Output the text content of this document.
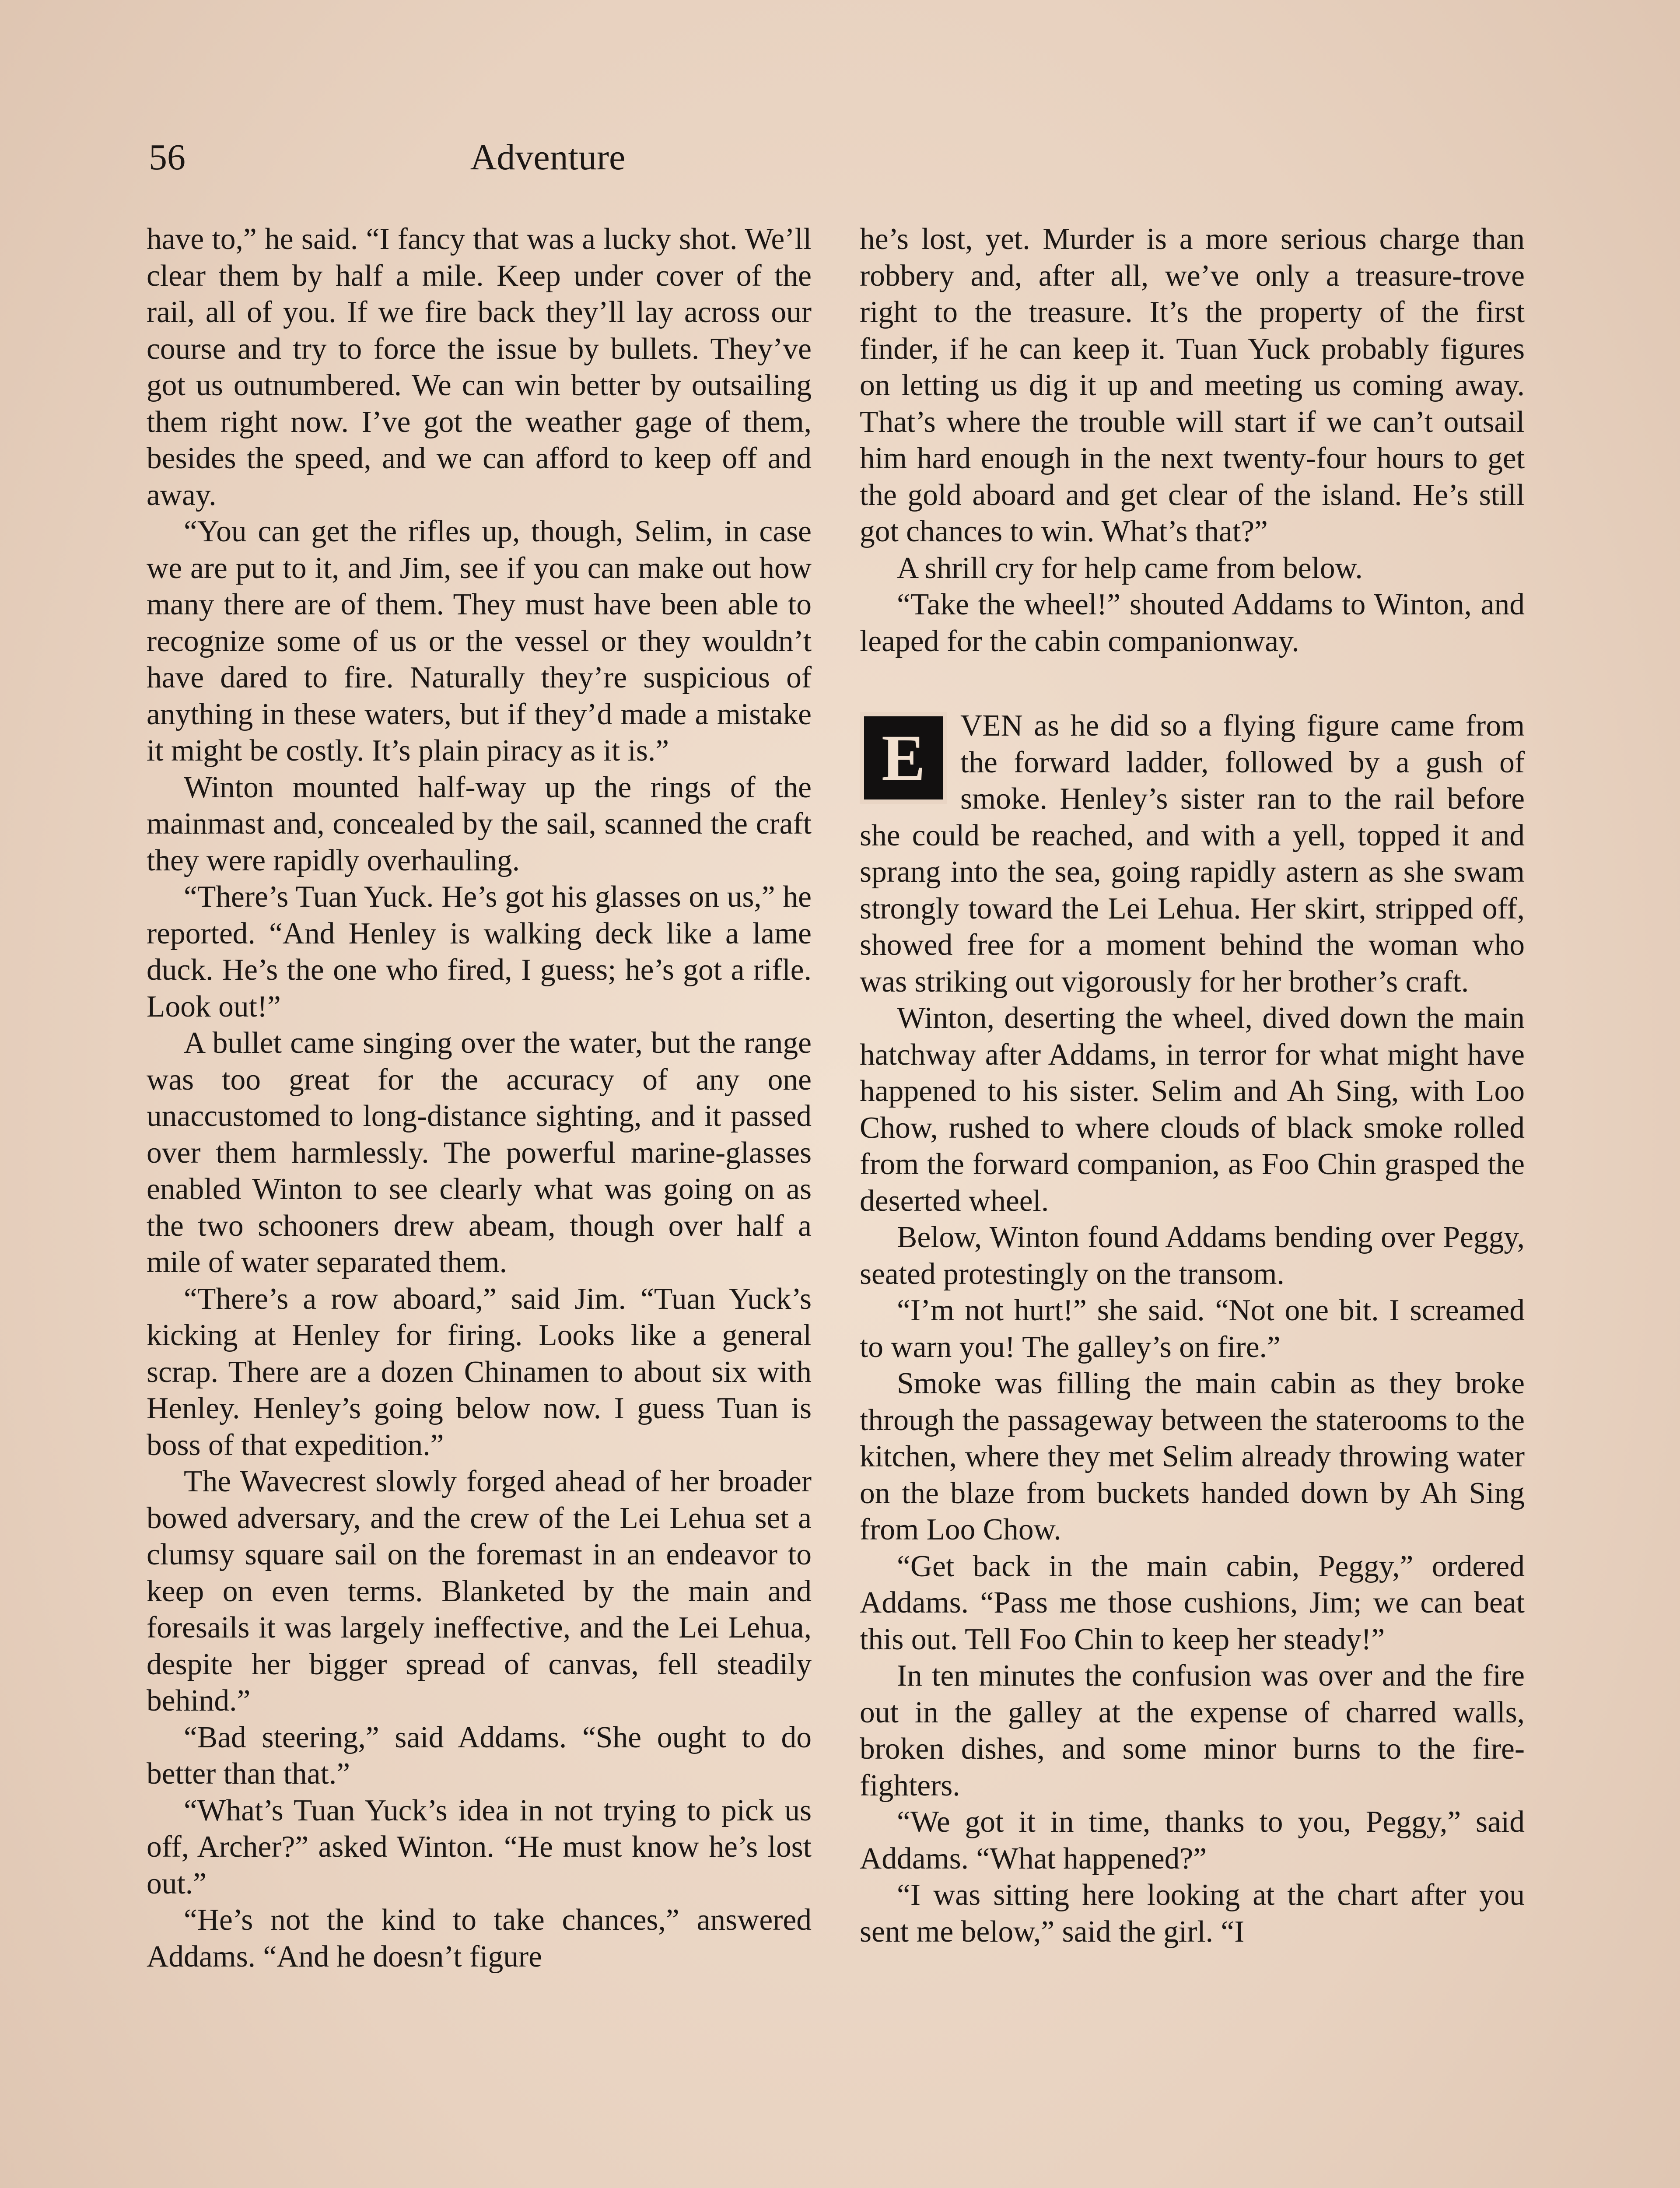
56	Adventure

have to,” he said. “I fancy that was a lucky shot. We’ll clear them by half a mile. Keep under cover of the rail, all of you. If we fire back they’ll lay across our course and try to force the issue by bullets. They’ve got us outnumbered. We can win better by outsailing them right now. I’ve got the weather gage of them, besides the speed, and we can afford to keep off and away.

“You can get the rifles up, though, Selim, in case we are put to it, and Jim, see if you can make out how many there are of them. They must have been able to recognize some of us or the vessel or they wouldn’t have dared to fire. Naturally they’re suspicious of anything in these waters, but if they’d made a mistake it might be costly. It’s plain piracy as it is.”

Winton mounted half-way up the rings of the mainmast and, concealed by the sail, scanned the craft they were rapidly overhauling.

“There’s Tuan Yuck. He’s got his glasses on us,” he reported. “And Henley is walking deck like a lame duck. He’s the one who fired, I guess; he’s got a rifle. Look out!”

A bullet came singing over the water, but the range was too great for the accuracy of any one unaccustomed to long-distance sighting, and it passed over them harmlessly. The powerful marine-glasses enabled Winton to see clearly what was going on as the two schooners drew abeam, though over half a mile of water separated them.

“There’s a row aboard,” said Jim. “Tuan Yuck’s kicking at Henley for firing. Looks like a general scrap. There are a dozen Chinamen to about six with Henley. Henley’s going below now. I guess Tuan is boss of that expedition.”

The Wavecrest slowly forged ahead of her broader bowed adversary, and the crew of the Lei Lehua set a clumsy square sail on the foremast in an endeavor to keep on even terms. Blanketed by the main and foresails it was largely ineffective, and the Lei Lehua, despite her bigger spread of canvas, fell steadily behind.”

“Bad steering,” said Addams. “She ought to do better than that.”

“What’s Tuan Yuck’s idea in not trying to pick us off, Archer?” asked Winton. “He must know he’s lost out.”

“He’s not the kind to take chances,” answered Addams. “And he doesn’t figure

he’s lost, yet. Murder is a more serious charge than robbery and, after all, we’ve only a treasure-trove right to the treasure. It’s the property of the first finder, if he can keep it. Tuan Yuck probably figures on letting us dig it up and meeting us coming away. That’s where the trouble will start if we can’t outsail him hard enough in the next twenty-four hours to get the gold aboard and get clear of the island. He’s still got chances to win. What’s that?”

A shrill cry for help came from below.

“Take the wheel!” shouted Addams to Winton, and leaped for the cabin companionway.

E	VEN as he did so a flying figure came from the forward ladder, followed by a gush of smoke. Henley’s sister ran to the rail before she could be reached, and with a yell, topped it and sprang into the sea, going rapidly astern as she swam strongly toward the Lei Lehua. Her skirt, stripped off, showed free for a moment behind the woman who was striking out vigorously for her brother’s craft.

Winton, deserting the wheel, dived down the main hatchway after Addams, in terror for what might have happened to his sister. Selim and Ah Sing, with Loo Chow, rushed to where clouds of black smoke rolled from the forward companion, as Foo Chin grasped the deserted wheel.

Below, Winton found Addams bending over Peggy, seated protestingly on the transom.

“I’m not hurt!” she said. “Not one bit. I screamed to warn you! The galley’s on fire.”

Smoke was filling the main cabin as they broke through the passageway between the staterooms to the kitchen, where they met Selim already throwing water on the blaze from buckets handed down by Ah Sing from Loo Chow.

“Get back in the main cabin, Peggy,” ordered Addams. “Pass me those cushions, Jim; we can beat this out. Tell Foo Chin to keep her steady!”

In ten minutes the confusion was over and the fire out in the galley at the expense of charred walls, broken dishes, and some minor burns to the fire-fighters.

“We got it in time, thanks to you, Peggy,” said Addams. “What happened?”

“I was sitting here looking at the chart after you sent me below,” said the girl. “I
